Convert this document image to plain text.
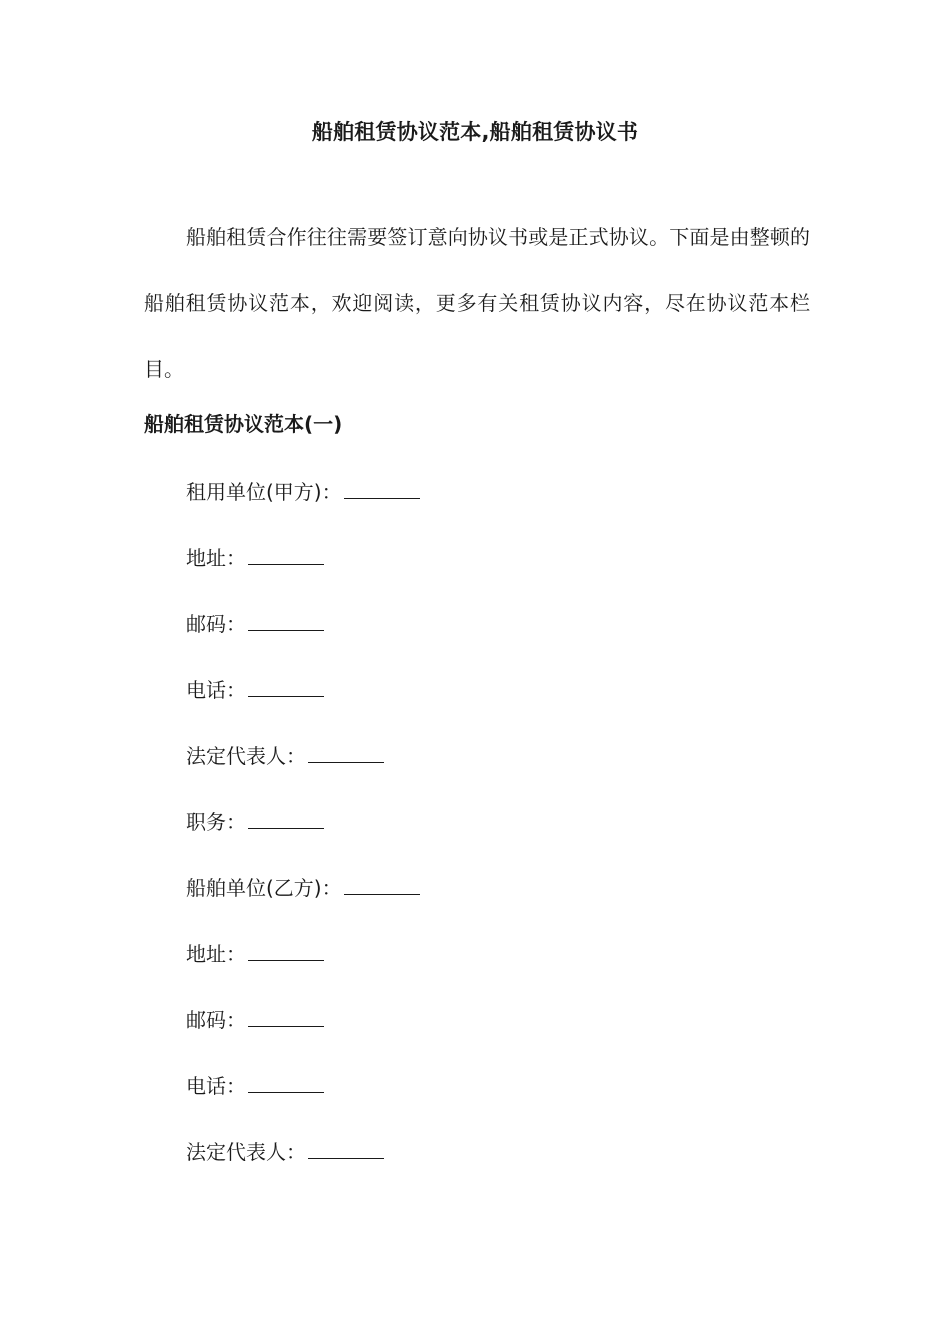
船舶租赁协议范本,船舶租赁协议书

船舶租赁合作往往需要签订意向协议书或是正式协议。下面是由整顿的船舶租赁协议范本，欢迎阅读，更多有关租赁协议内容，尽在协议范本栏目。

船舶租赁协议范本(一)
租用单位(甲方)：
地址：
邮码：
电话：
法定代表人：
职务：
船舶单位(乙方)：
地址：
邮码：
电话：
法定代表人：
